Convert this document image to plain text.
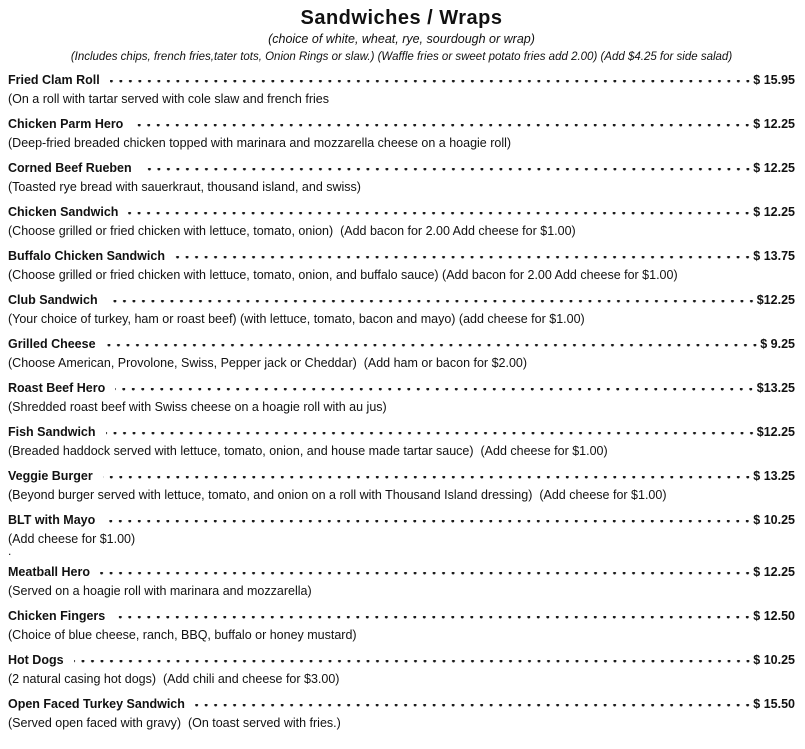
Sandwiches / Wraps
(choice of white, wheat, rye, sourdough or wrap)
(Includes chips, french fries,tater tots, Onion Rings or slaw.) (Waffle fries or sweet potato fries add 2.00) (Add $4.25 for side salad)
Fried Clam Roll	$ 15.95
(On a roll with tartar served with cole slaw and french fries
Chicken Parm Hero	$ 12.25
(Deep-fried breaded chicken topped with marinara and mozzarella cheese on a hoagie roll)
Corned Beef Rueben	$ 12.25
(Toasted rye bread with sauerkraut, thousand island, and swiss)
Chicken Sandwich	$ 12.25
(Choose grilled or fried chicken with lettuce, tomato, onion)  (Add bacon for 2.00 Add cheese for $1.00)
Buffalo Chicken Sandwich	$ 13.75
(Choose grilled or fried chicken with lettuce, tomato, onion, and buffalo sauce) (Add bacon for 2.00 Add cheese for $1.00)
Club Sandwich	$12.25
(Your choice of turkey, ham or roast beef) (with lettuce, tomato, bacon and mayo) (add cheese for $1.00)
Grilled Cheese	$ 9.25
(Choose American, Provolone, Swiss, Pepper jack or Cheddar)  (Add ham or bacon for $2.00)
Roast Beef Hero	$13.25
(Shredded roast beef with Swiss cheese on a hoagie roll with au jus)
Fish Sandwich	$12.25
(Breaded haddock served with lettuce, tomato, onion, and house made tartar sauce)  (Add cheese for $1.00)
Veggie Burger	$ 13.25
(Beyond burger served with lettuce, tomato, and onion on a roll with Thousand Island dressing)  (Add cheese for $1.00)
BLT with Mayo	$ 10.25
(Add cheese for $1.00)
.
Meatball Hero	$ 12.25
(Served on a hoagie roll with marinara and mozzarella)
Chicken Fingers	$ 12.50
(Choice of blue cheese, ranch, BBQ, buffalo or honey mustard)
Hot Dogs	$ 10.25
(2 natural casing hot dogs)  (Add chili and cheese for $3.00)
Open Faced Turkey Sandwich	$ 15.50
(Served open faced with gravy)  (On toast served with fries.)
